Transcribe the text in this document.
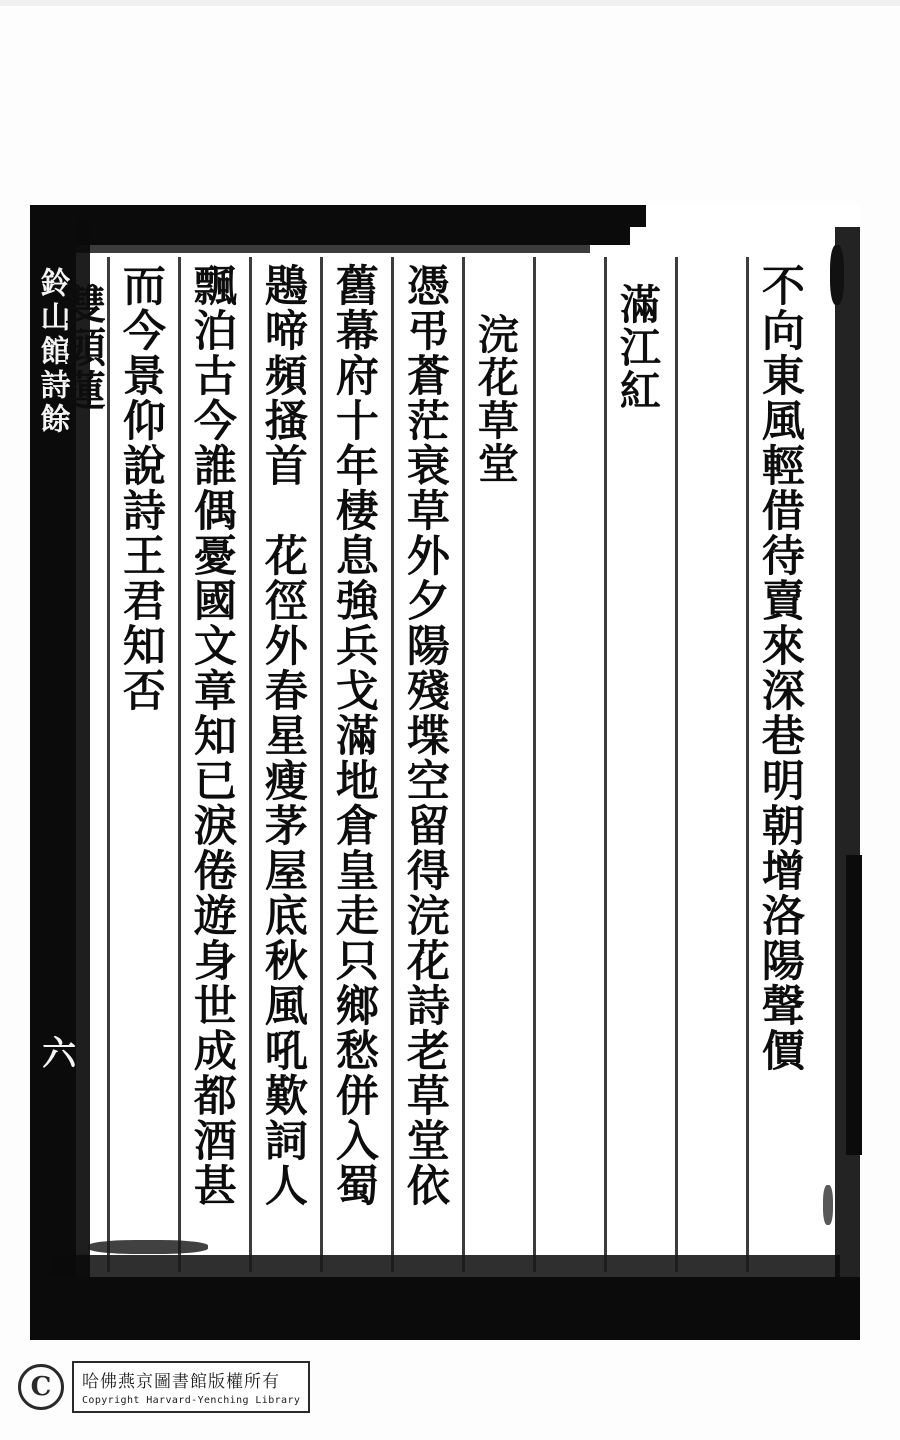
鈴山館詩餘
六	不向東風輕借待賣來深巷明朝增洛陽聲價
滿江紅
浣花草堂
憑弔蒼茫衰草外夕陽殘堞空留得浣花詩老草堂依
舊幕府十年棲息強兵戈滿地倉皇走只鄉愁併入蜀
鶗啼頻搔首　花徑外春星瘦茅屋底秋風吼歎詞人
飄泊古今誰偶憂國文章知已淚倦遊身世成都酒甚
而今景仰說詩王君知否
雙頭蓮
C	哈佛燕京圖書館版權所有
Copyright Harvard-Yenching Library
